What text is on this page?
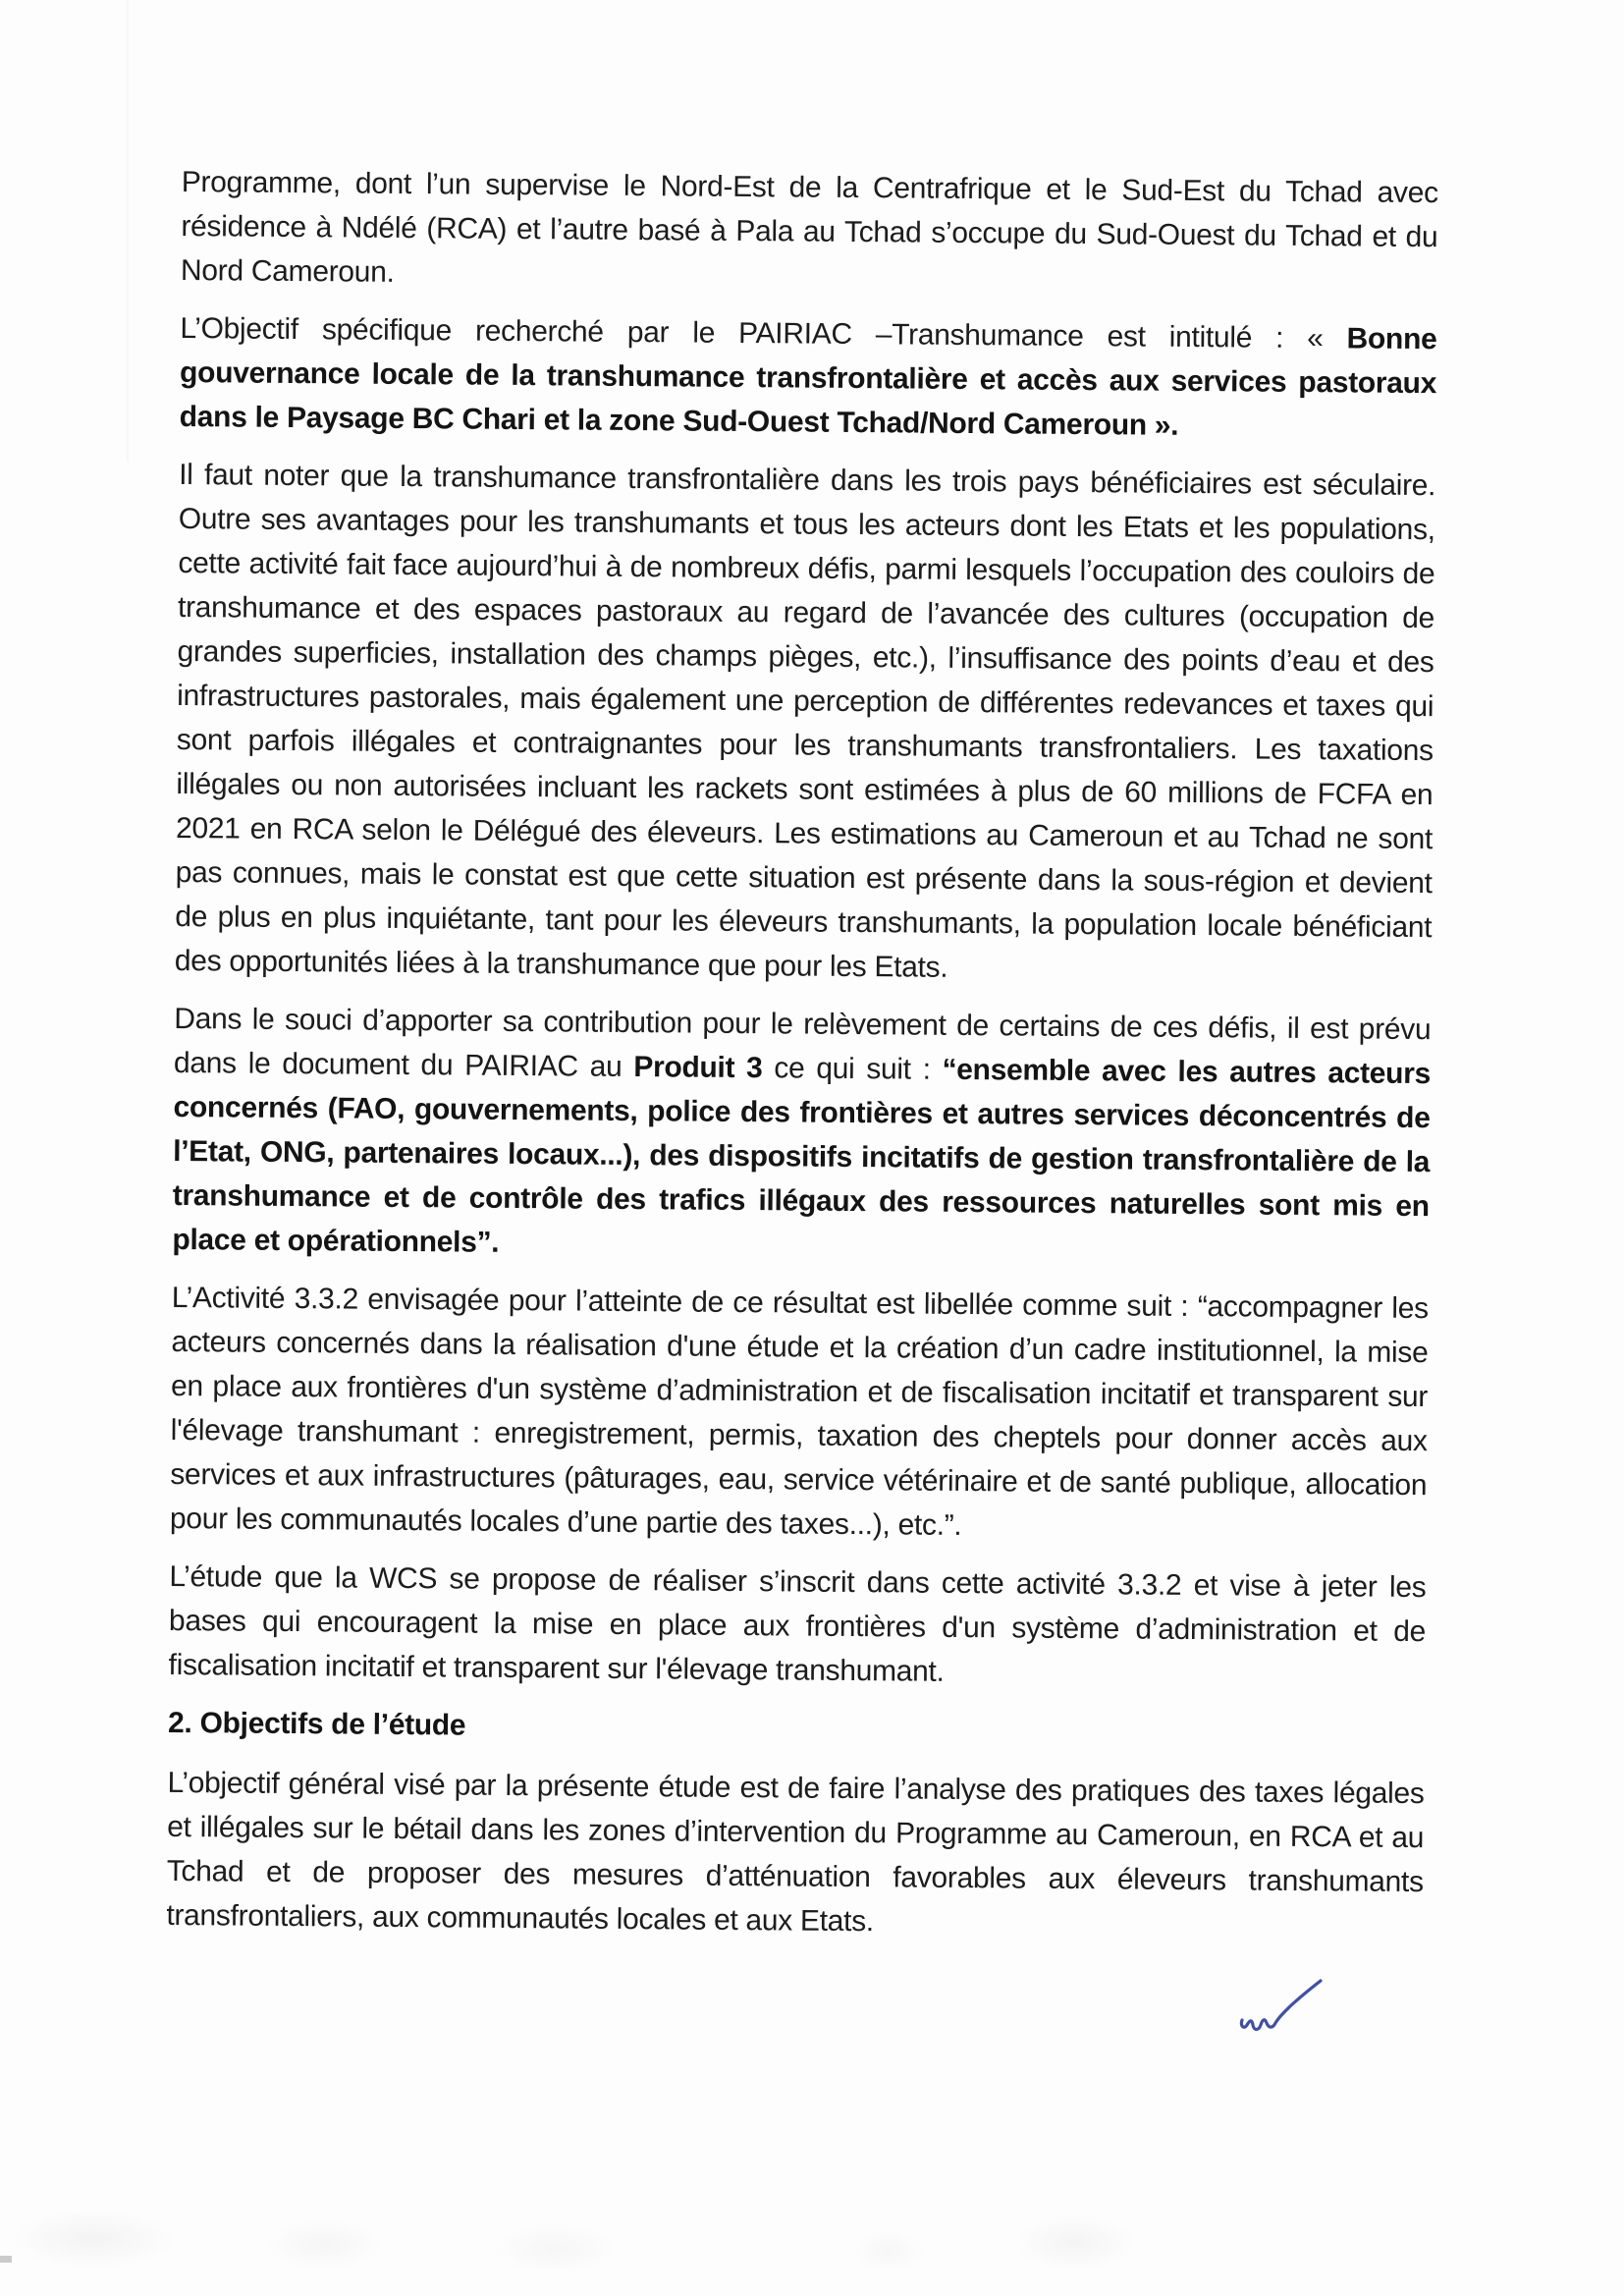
Programme, dont l’un supervise le Nord-Est de la Centrafrique et le Sud-Est du Tchad avec résidence à Ndélé (RCA) et l’autre basé à Pala au Tchad s’occupe du Sud-Ouest du Tchad et du Nord Cameroun.

L’Objectif spécifique recherché par le PAIRIAC –Transhumance est intitulé : « Bonne gouvernance locale de la transhumance transfrontalière et accès aux services pastoraux dans le Paysage BC Chari et la zone Sud-Ouest Tchad/Nord Cameroun ».

Il faut noter que la transhumance transfrontalière dans les trois pays bénéficiaires est séculaire. Outre ses avantages pour les transhumants et tous les acteurs dont les Etats et les populations, cette activité fait face aujourd’hui à de nombreux défis, parmi lesquels l’occupation des couloirs de transhumance et des espaces pastoraux au regard de l’avancée des cultures (occupation de grandes superficies, installation des champs pièges, etc.), l’insuffisance des points d’eau et des infrastructures pastorales, mais également une perception de différentes redevances et taxes qui sont parfois illégales et contraignantes pour les transhumants transfrontaliers. Les taxations illégales ou non autorisées incluant les rackets sont estimées à plus de 60 millions de FCFA en 2021 en RCA selon le Délégué des éleveurs. Les estimations au Cameroun et au Tchad ne sont pas connues, mais le constat est que cette situation est présente dans la sous-région et devient de plus en plus inquiétante, tant pour les éleveurs transhumants, la population locale bénéficiant des opportunités liées à la transhumance que pour les Etats.

Dans le souci d’apporter sa contribution pour le relèvement de certains de ces défis, il est prévu dans le document du PAIRIAC au Produit 3 ce qui suit : “ensemble avec les autres acteurs concernés (FAO, gouvernements, police des frontières et autres services déconcentrés de l’Etat, ONG, partenaires locaux...), des dispositifs incitatifs de gestion transfrontalière de la transhumance et de contrôle des trafics illégaux des ressources naturelles sont mis en place et opérationnels”.

L’Activité 3.3.2 envisagée pour l’atteinte de ce résultat est libellée comme suit : “accompagner les acteurs concernés dans la réalisation d'une étude et la création d’un cadre institutionnel, la mise en place aux frontières d'un système d’administration et de fiscalisation incitatif et transparent sur l'élevage transhumant : enregistrement, permis, taxation des cheptels pour donner accès aux services et aux infrastructures (pâturages, eau, service vétérinaire et de santé publique, allocation pour les communautés locales d’une partie des taxes...), etc.”.

L’étude que la WCS se propose de réaliser s’inscrit dans cette activité 3.3.2 et vise à jeter les bases qui encouragent la mise en place aux frontières d'un système d’administration et de fiscalisation incitatif et transparent sur l'élevage transhumant.

2. Objectifs de l’étude

L’objectif général visé par la présente étude est de faire l’analyse des pratiques des taxes légales et illégales sur le bétail dans les zones d’intervention du Programme au Cameroun, en RCA et au Tchad et de proposer des mesures d’atténuation favorables aux éleveurs transhumants transfrontaliers, aux communautés locales et aux Etats.
